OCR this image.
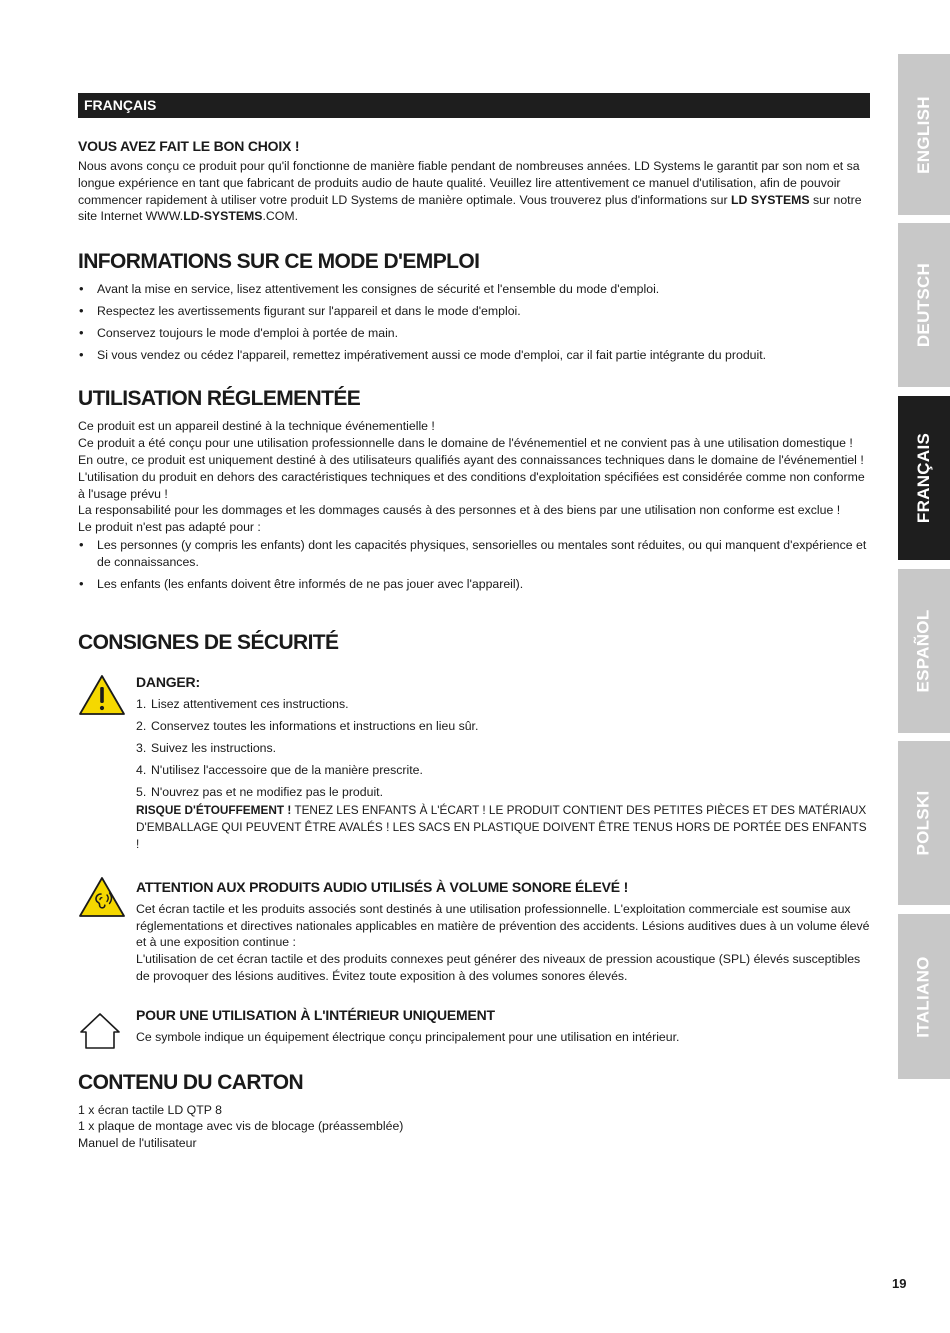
ENGLISH
DEUTSCH
FRANÇAIS
ESPAÑOL
POLSKI
ITALIANO
FRANÇAIS
VOUS AVEZ FAIT LE BON CHOIX !

Nous avons conçu ce produit pour qu'il fonctionne de manière fiable pendant de nombreuses années. LD Systems le garantit par son nom et sa longue expérience en tant que fabricant de produits audio de haute qualité. Veuillez lire attentivement ce manuel d'utilisation, afin de pouvoir commencer rapidement à utiliser votre produit LD Systems de manière optimale. Vous trouverez plus d'informations sur LD SYSTEMS sur notre site Internet WWW.LD-SYSTEMS.COM.

INFORMATIONS SUR CE MODE D'EMPLOI
• Avant la mise en service, lisez attentivement les consignes de sécurité et l'ensemble du mode d'emploi.
• Respectez les avertissements figurant sur l'appareil et dans le mode d'emploi.
• Conservez toujours le mode d'emploi à portée de main.
• Si vous vendez ou cédez l'appareil, remettez impérativement aussi ce mode d'emploi, car il fait partie intégrante du produit.
UTILISATION RÉGLEMENTÉE

Ce produit est un appareil destiné à la technique événementielle !

Ce produit a été conçu pour une utilisation professionnelle dans le domaine de l'événementiel et ne convient pas à une utilisation domestique !

En outre, ce produit est uniquement destiné à des utilisateurs qualifiés ayant des connaissances techniques dans le domaine de l'événementiel !

L'utilisation du produit en dehors des caractéristiques techniques et des conditions d'exploitation spécifiées est considérée comme non conforme à l'usage prévu !

La responsabilité pour les dommages et les dommages causés à des personnes et à des biens par une utilisation non conforme est exclue !

Le produit n'est pas adapté pour :

• Les personnes (y compris les enfants) dont les capacités physiques, sensorielles ou mentales sont réduites, ou qui manquent d'expérience et de connaissances.
• Les enfants (les enfants doivent être informés de ne pas jouer avec l'appareil).
CONSIGNES DE SÉCURITÉ
DANGER:
1. Lisez attentivement ces instructions.
2. Conservez toutes les informations et instructions en lieu sûr.
3. Suivez les instructions.
4. N'utilisez l'accessoire que de la manière prescrite.
5. N'ouvrez pas et ne modifiez pas le produit.

RISQUE D'ÉTOUFFEMENT ! TENEZ LES ENFANTS À L'ÉCART ! LE PRODUIT CONTIENT DES PETITES PIÈCES ET DES MATÉRIAUX D'EMBALLAGE QUI PEUVENT ÊTRE AVALÉS ! LES SACS EN PLASTIQUE DOIVENT ÊTRE TENUS HORS DE PORTÉE DES ENFANTS !

ATTENTION AUX PRODUITS AUDIO UTILISÉS À VOLUME SONORE ÉLEVÉ !

Cet écran tactile et les produits associés sont destinés à une utilisation professionnelle. L'exploitation commerciale est soumise aux réglementations et directives nationales applicables en matière de prévention des accidents. Lésions auditives dues à un volume élevé et à une exposition continue :

L'utilisation de cet écran tactile et des produits connexes peut générer des niveaux de pression acoustique (SPL) élevés susceptibles de provoquer des lésions auditives. Évitez toute exposition à des volumes sonores élevés.

POUR UNE UTILISATION À L'INTÉRIEUR UNIQUEMENT

Ce symbole indique un équipement électrique conçu principalement pour une utilisation en intérieur.

CONTENU DU CARTON

1 x écran tactile LD QTP 8

1 x plaque de montage avec vis de blocage (préassemblée)

Manuel de l'utilisateur

19
